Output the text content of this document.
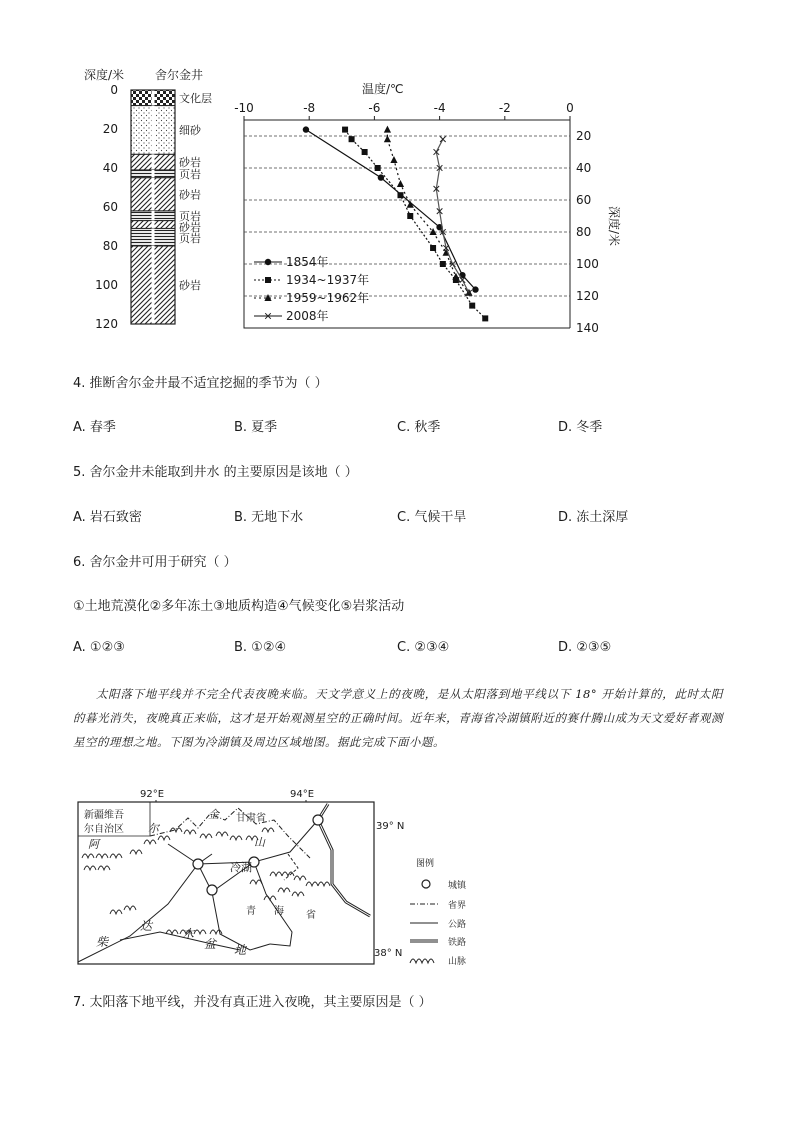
深度/米	舍尔金井
0
20
40
60
80
100
120
文化层
细砂
砂岩
页岩
砂岩
页岩
砂岩
页岩
砂岩
温度/℃
-10	-8	-6	-4	-2	0
20
40
60
80
100
120
140
深度/米
1854年
1934~1937年
1959~1962年
2008年
4. 推断舍尔金井最不适宜挖掘的季节为（ ）
A. 春季	B. 夏季	C. 秋季	D. 冬季
5. 舍尔金井未能取到井水 的主要原因是该地（ ）
A. 岩石致密	B. 无地下水	C. 气候干旱	D. 冻土深厚
6. 舍尔金井可用于研究（ ）
①土地荒漠化②多年冻土③地质构造④气候变化⑤岩浆活动
A. ①②③	B. ①②④	C. ②③④	D. ②③⑤

太阳落下地平线并不完全代表夜晚来临。天文学意义上的夜晚，是从太阳落到地平线以下 18° 开始计算的，此时太阳的暮光消失，夜晚真正来临，这才是开始观测星空的正确时间。近年来，青海省冷湖镇附近的赛什腾山成为天文爱好者观测星空的理想之地。下图为冷湖镇及周边区域地图。据此完成下面小题。

92°E	94°E
39° N
38° N
新疆维吾
尔自治区
甘肃省
冷湖
阿
尔
金
山
柴
达
木
盆 地
青 海 省
图例
城镇
省界
公路
铁路
山脉
7. 太阳落下地平线，并没有真正进入夜晚，其主要原因是（ ）
